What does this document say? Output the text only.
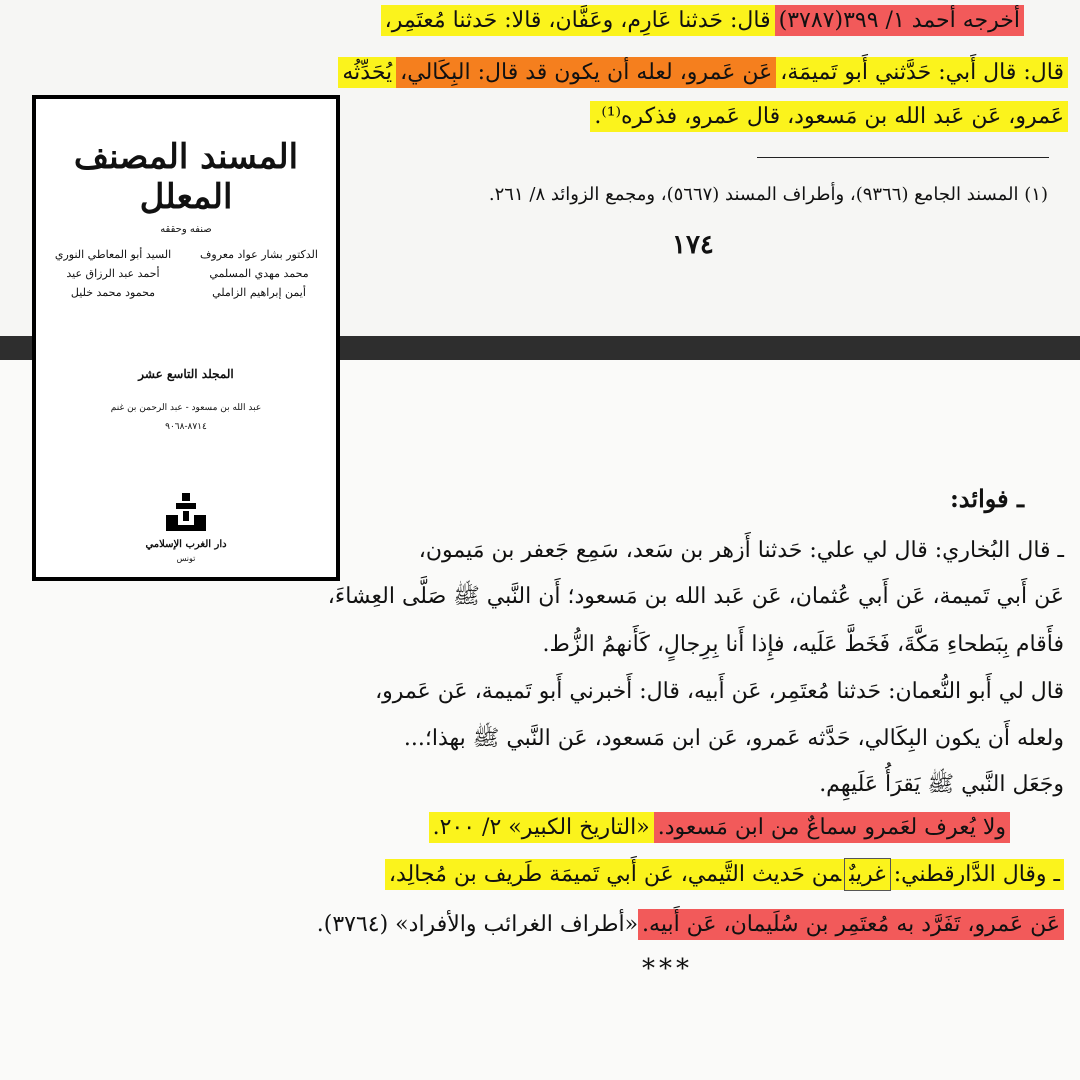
أخرجه أحمد ١/ ٣٩٩(٣٧٨٧)قال: حَدثنا عَارِم، وعَفَّان، قالا: حَدثنا مُعتَمِر،
قال: قال أَبي: حَدَّثني أَبو تَميمَة،عَن عَمرو، لعله أن يكون قد قال: البِكَالي،يُحَدِّثُه
عَمرو، عَن عَبد الله بن مَسعود، قال عَمرو، فذكره⁽¹⁾.
(١) المسند الجامع (٩٣٦٦)، وأطراف المسند (٥٦٦٧)، ومجمع الزوائد ٨/ ٢٦١.
١٧٤
ـ فوائد:
ـ قال البُخاري: قال لي علي: حَدثنا أَزهر بن سَعد، سَمِع جَعفر بن مَيمون،
عَن أَبي تَميمة، عَن أَبي عُثمان، عَن عَبد الله بن مَسعود؛ أَن النَّبي ﷺ صَلَّى العِشاءَ،
فأَقام بِبَطحاءِ مَكَّةَ، فَخَطَّ عَلَيه، فإِذا أَنا بِرِجالٍ، كَأَنهمُ الزُّط.
قال لي أَبو النُّعمان: حَدثنا مُعتَمِر، عَن أَبيه، قال: أَخبرني أَبو تَميمة، عَن عَمرو،
ولعله أَن يكون البِكَالي، حَدَّثه عَمرو، عَن ابن مَسعود، عَن النَّبي ﷺ بهذا؛...
وجَعَل النَّبي ﷺ يَقرَأُ عَلَيهِم.
ولا يُعرف لعَمرو سماعٌ من ابن مَسعود.«التاريخ الكبير» ٢/ ٢٠٠.
ـ وقال الدَّارقطني:غريبٌمن حَديث التَّيمي، عَن أَبي تَميمَة طَريف بن مُجالِد،
عَن عَمرو، تَفَرَّد به مُعتَمِر بن سُلَيمان، عَن أَبيه.«أطراف الغرائب والأفراد» (٣٧٦٤).
***
المسند المصنف المعلل
صنفه وحققه
الدكتور بشار عواد معروف
محمد مهدي المسلمي
أيمن إبراهيم الزاملي
السيد أبو المعاطي النوري
أحمد عبد الرزاق عيد
محمود محمد خليل
المجلد التاسع عشر
عبد الله بن مسعود - عبد الرحمن بن غنم
٨٧١٤-٩٠٦٨
دار الغرب الإسلامي
تونس
